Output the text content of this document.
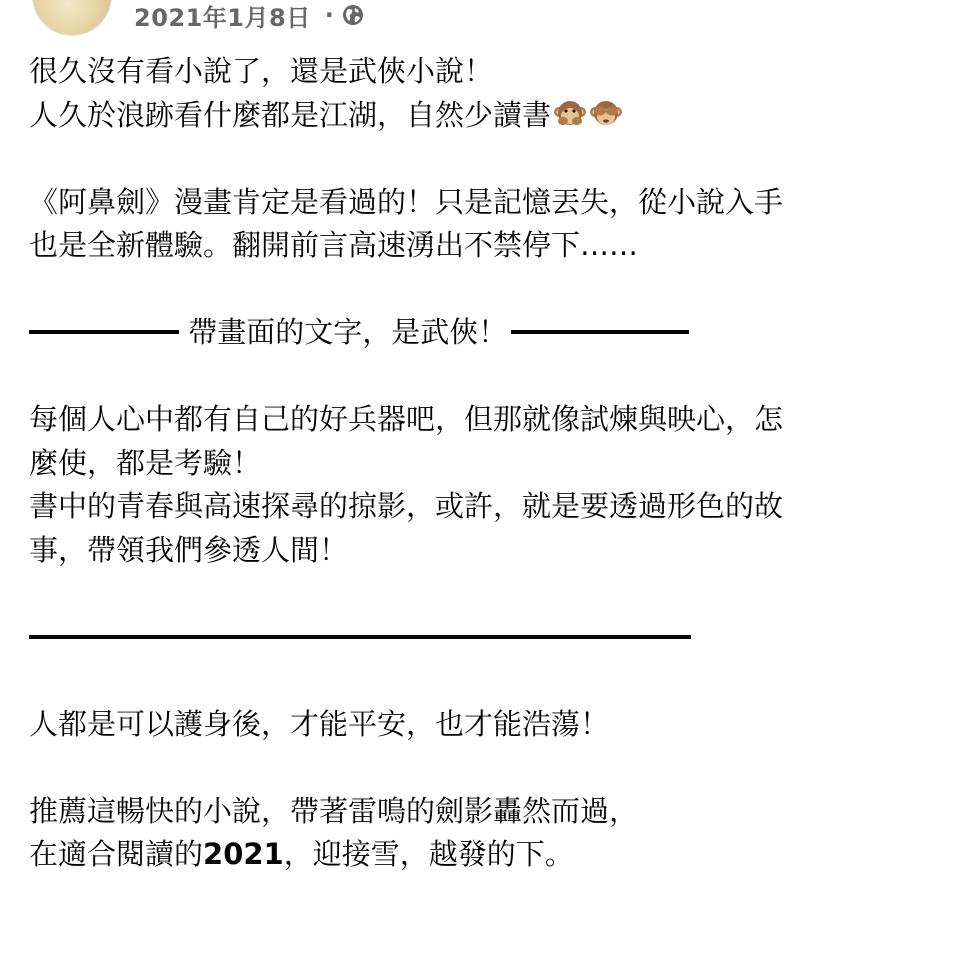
2021年1月8日 ·
很久沒有看小說了，還是武俠小說！
人久於浪跡看什麼都是江湖，自然少讀書
《阿鼻劍》漫畫肯定是看過的！只是記憶丟失，從小說入手
也是全新體驗。翻開前言高速湧出不禁停下……
帶畫面的文字，是武俠！
每個人心中都有自己的好兵器吧，但那就像試煉與映心，怎
麼使，都是考驗！
書中的青春與高速探尋的掠影，或許，就是要透過形色的故
事，帶領我們參透人間！
人都是可以護身後，才能平安，也才能浩蕩！
推薦這暢快的小說，帶著雷鳴的劍影轟然而過，
在適合閱讀的2021，迎接雪，越發的下。
